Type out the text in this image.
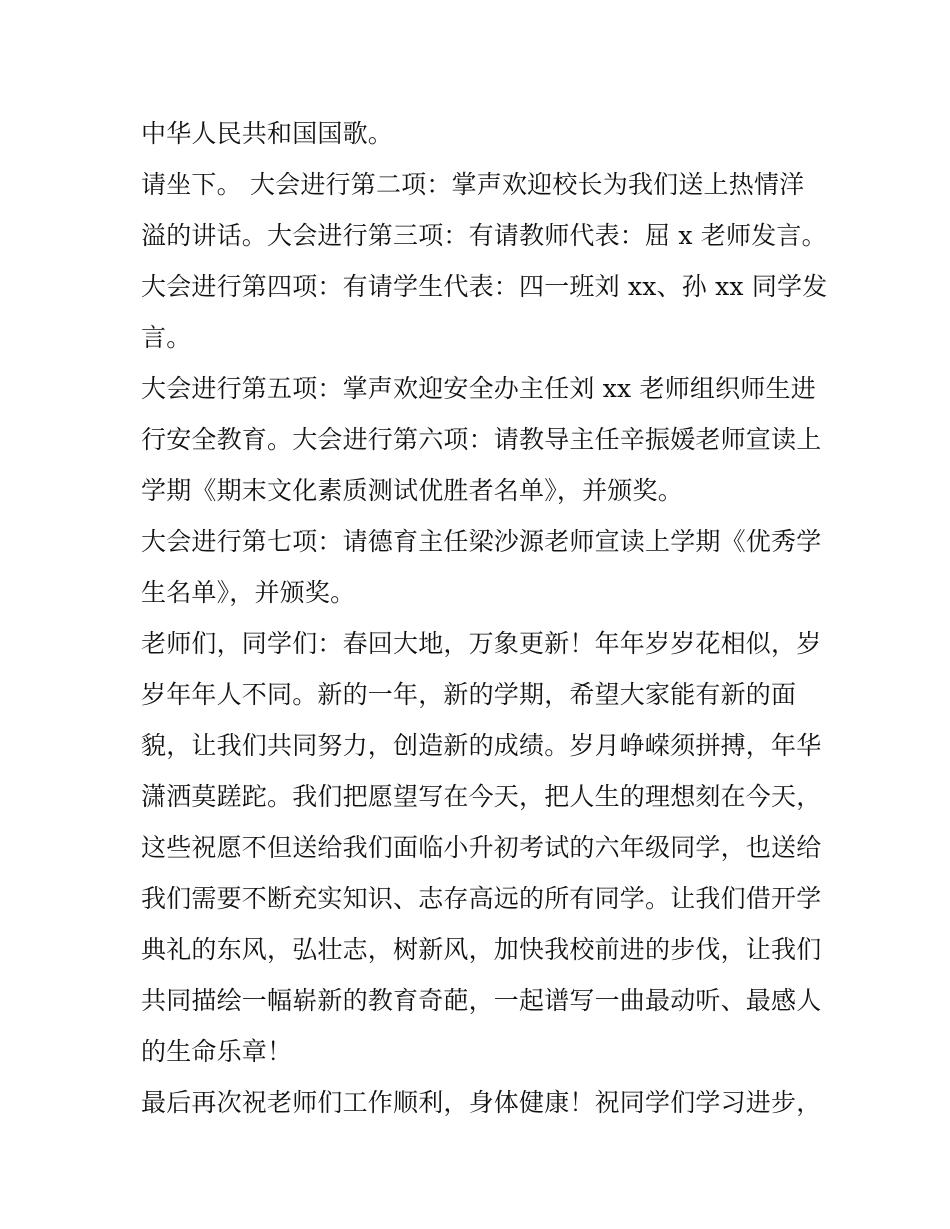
中华人民共和国国歌。
请坐下。 大会进行第二项：掌声欢迎校长为我们送上热情洋
溢的讲话。大会进行第三项：有请教师代表：屈 x 老师发言。
大会进行第四项：有请学生代表：四一班刘 xx、孙 xx 同学发
言。
大会进行第五项：掌声欢迎安全办主任刘 xx 老师组织师生进
行安全教育。大会进行第六项：请教导主任辛振媛老师宣读上
学期《期末文化素质测试优胜者名单》，并颁奖。
大会进行第七项：请德育主任梁沙源老师宣读上学期《优秀学
生名单》，并颁奖。
老师们，同学们：春回大地，万象更新！年年岁岁花相似，岁
岁年年人不同。新的一年，新的学期，希望大家能有新的面
貌，让我们共同努力，创造新的成绩。岁月峥嵘须拼搏，年华
潇洒莫蹉跎。我们把愿望写在今天，把人生的理想刻在今天，
这些祝愿不但送给我们面临小升初考试的六年级同学，也送给
我们需要不断充实知识、志存高远的所有同学。让我们借开学
典礼的东风，弘壮志，树新风，加快我校前进的步伐，让我们
共同描绘一幅崭新的教育奇葩，一起谱写一曲最动听、最感人
的生命乐章！
最后再次祝老师们工作顺利，身体健康！祝同学们学习进步，
